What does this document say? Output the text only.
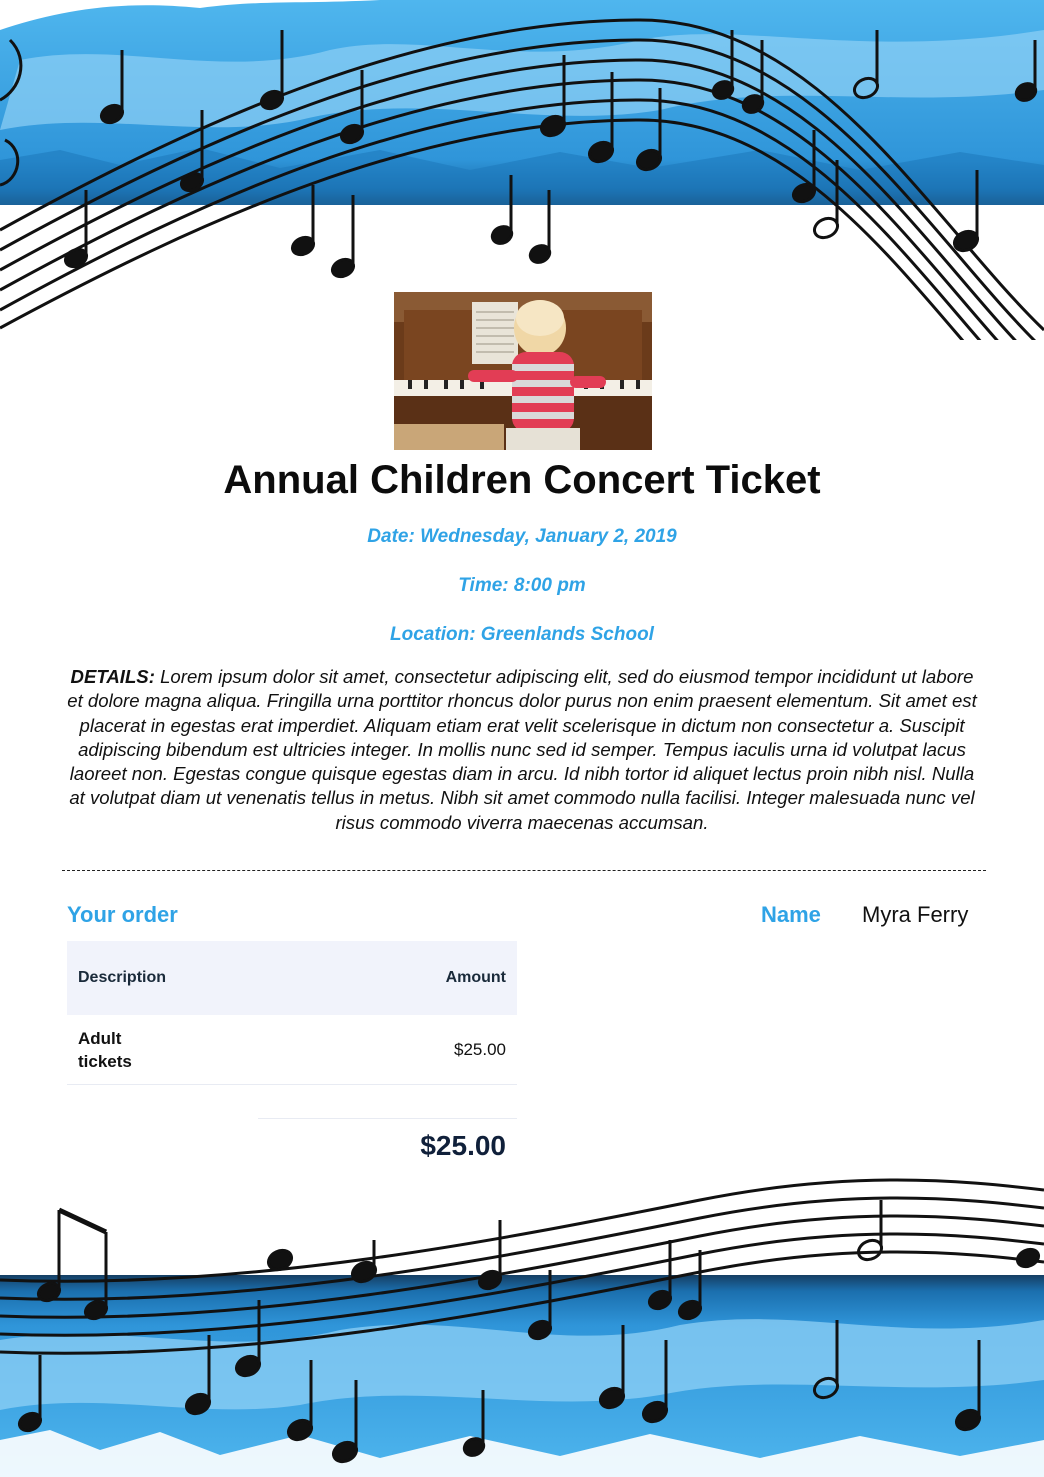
Annual Children Concert Ticket
Date: Wednesday, January 2, 2019
Time: 8:00 pm
Location: Greenlands School
DETAILS: Lorem ipsum dolor sit amet, consectetur adipiscing elit, sed do eiusmod tempor incididunt ut labore et dolore magna aliqua. Fringilla urna porttitor rhoncus dolor purus non enim praesent elementum. Sit amet est placerat in egestas erat imperdiet. Aliquam etiam erat velit scelerisque in dictum non consectetur a. Suscipit adipiscing bibendum est ultricies integer. In mollis nunc sed id semper. Tempus iaculis urna id volutpat lacus laoreet non. Egestas congue quisque egestas diam in arcu. Id nibh tortor id aliquet lectus proin nibh nisl. Nulla at volutpat diam ut venenatis tellus in metus. Nibh sit amet commodo nulla facilisi. Integer malesuada nunc vel risus commodo viverra maecenas accumsan.
Your order	Name Myra Ferry
Description	Amount
Adult tickets
$25.00
$25.00
